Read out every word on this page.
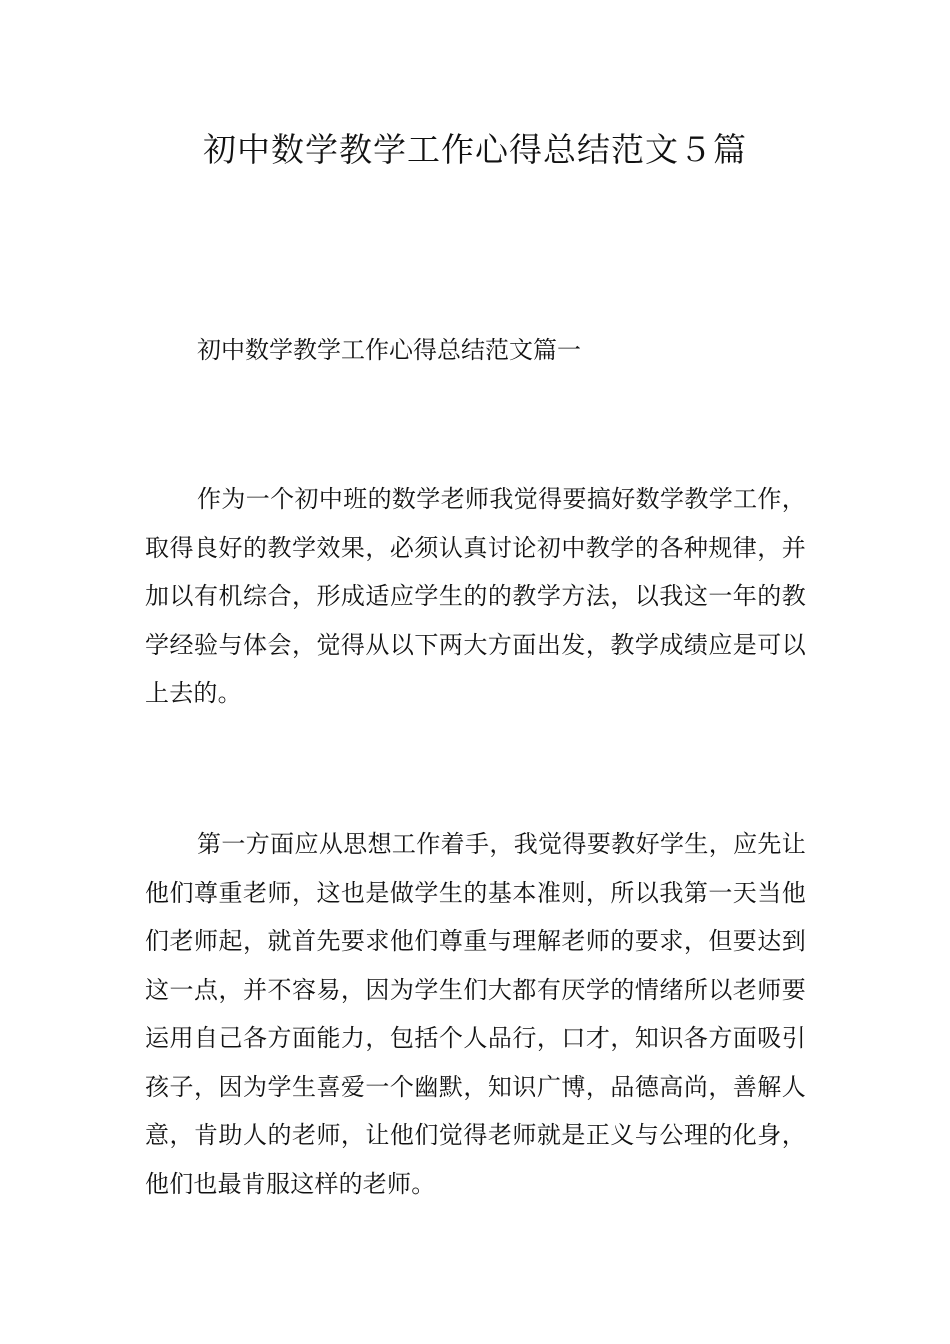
初中数学教学工作心得总结范文５篇
初中数学教学工作心得总结范文篇一

作为一个初中班的数学老师我觉得要搞好数学教学工作，取得良好的教学效果，必须认真讨论初中教学的各种规律，并加以有机综合，形成适应学生的的教学方法，以我这一年的教学经验与体会，觉得从以下两大方面出发，教学成绩应是可以上去的。

第一方面应从思想工作着手，我觉得要教好学生，应先让他们尊重老师，这也是做学生的基本准则，所以我第一天当他们老师起，就首先要求他们尊重与理解老师的要求，但要达到这一点，并不容易，因为学生们大都有厌学的情绪所以老师要运用自己各方面能力，包括个人品行，口才，知识各方面吸引孩子，因为学生喜爱一个幽默，知识广博，品德高尚，善解人意，肯助人的老师，让他们觉得老师就是正义与公理的化身，他们也最肯服这样的老师。
